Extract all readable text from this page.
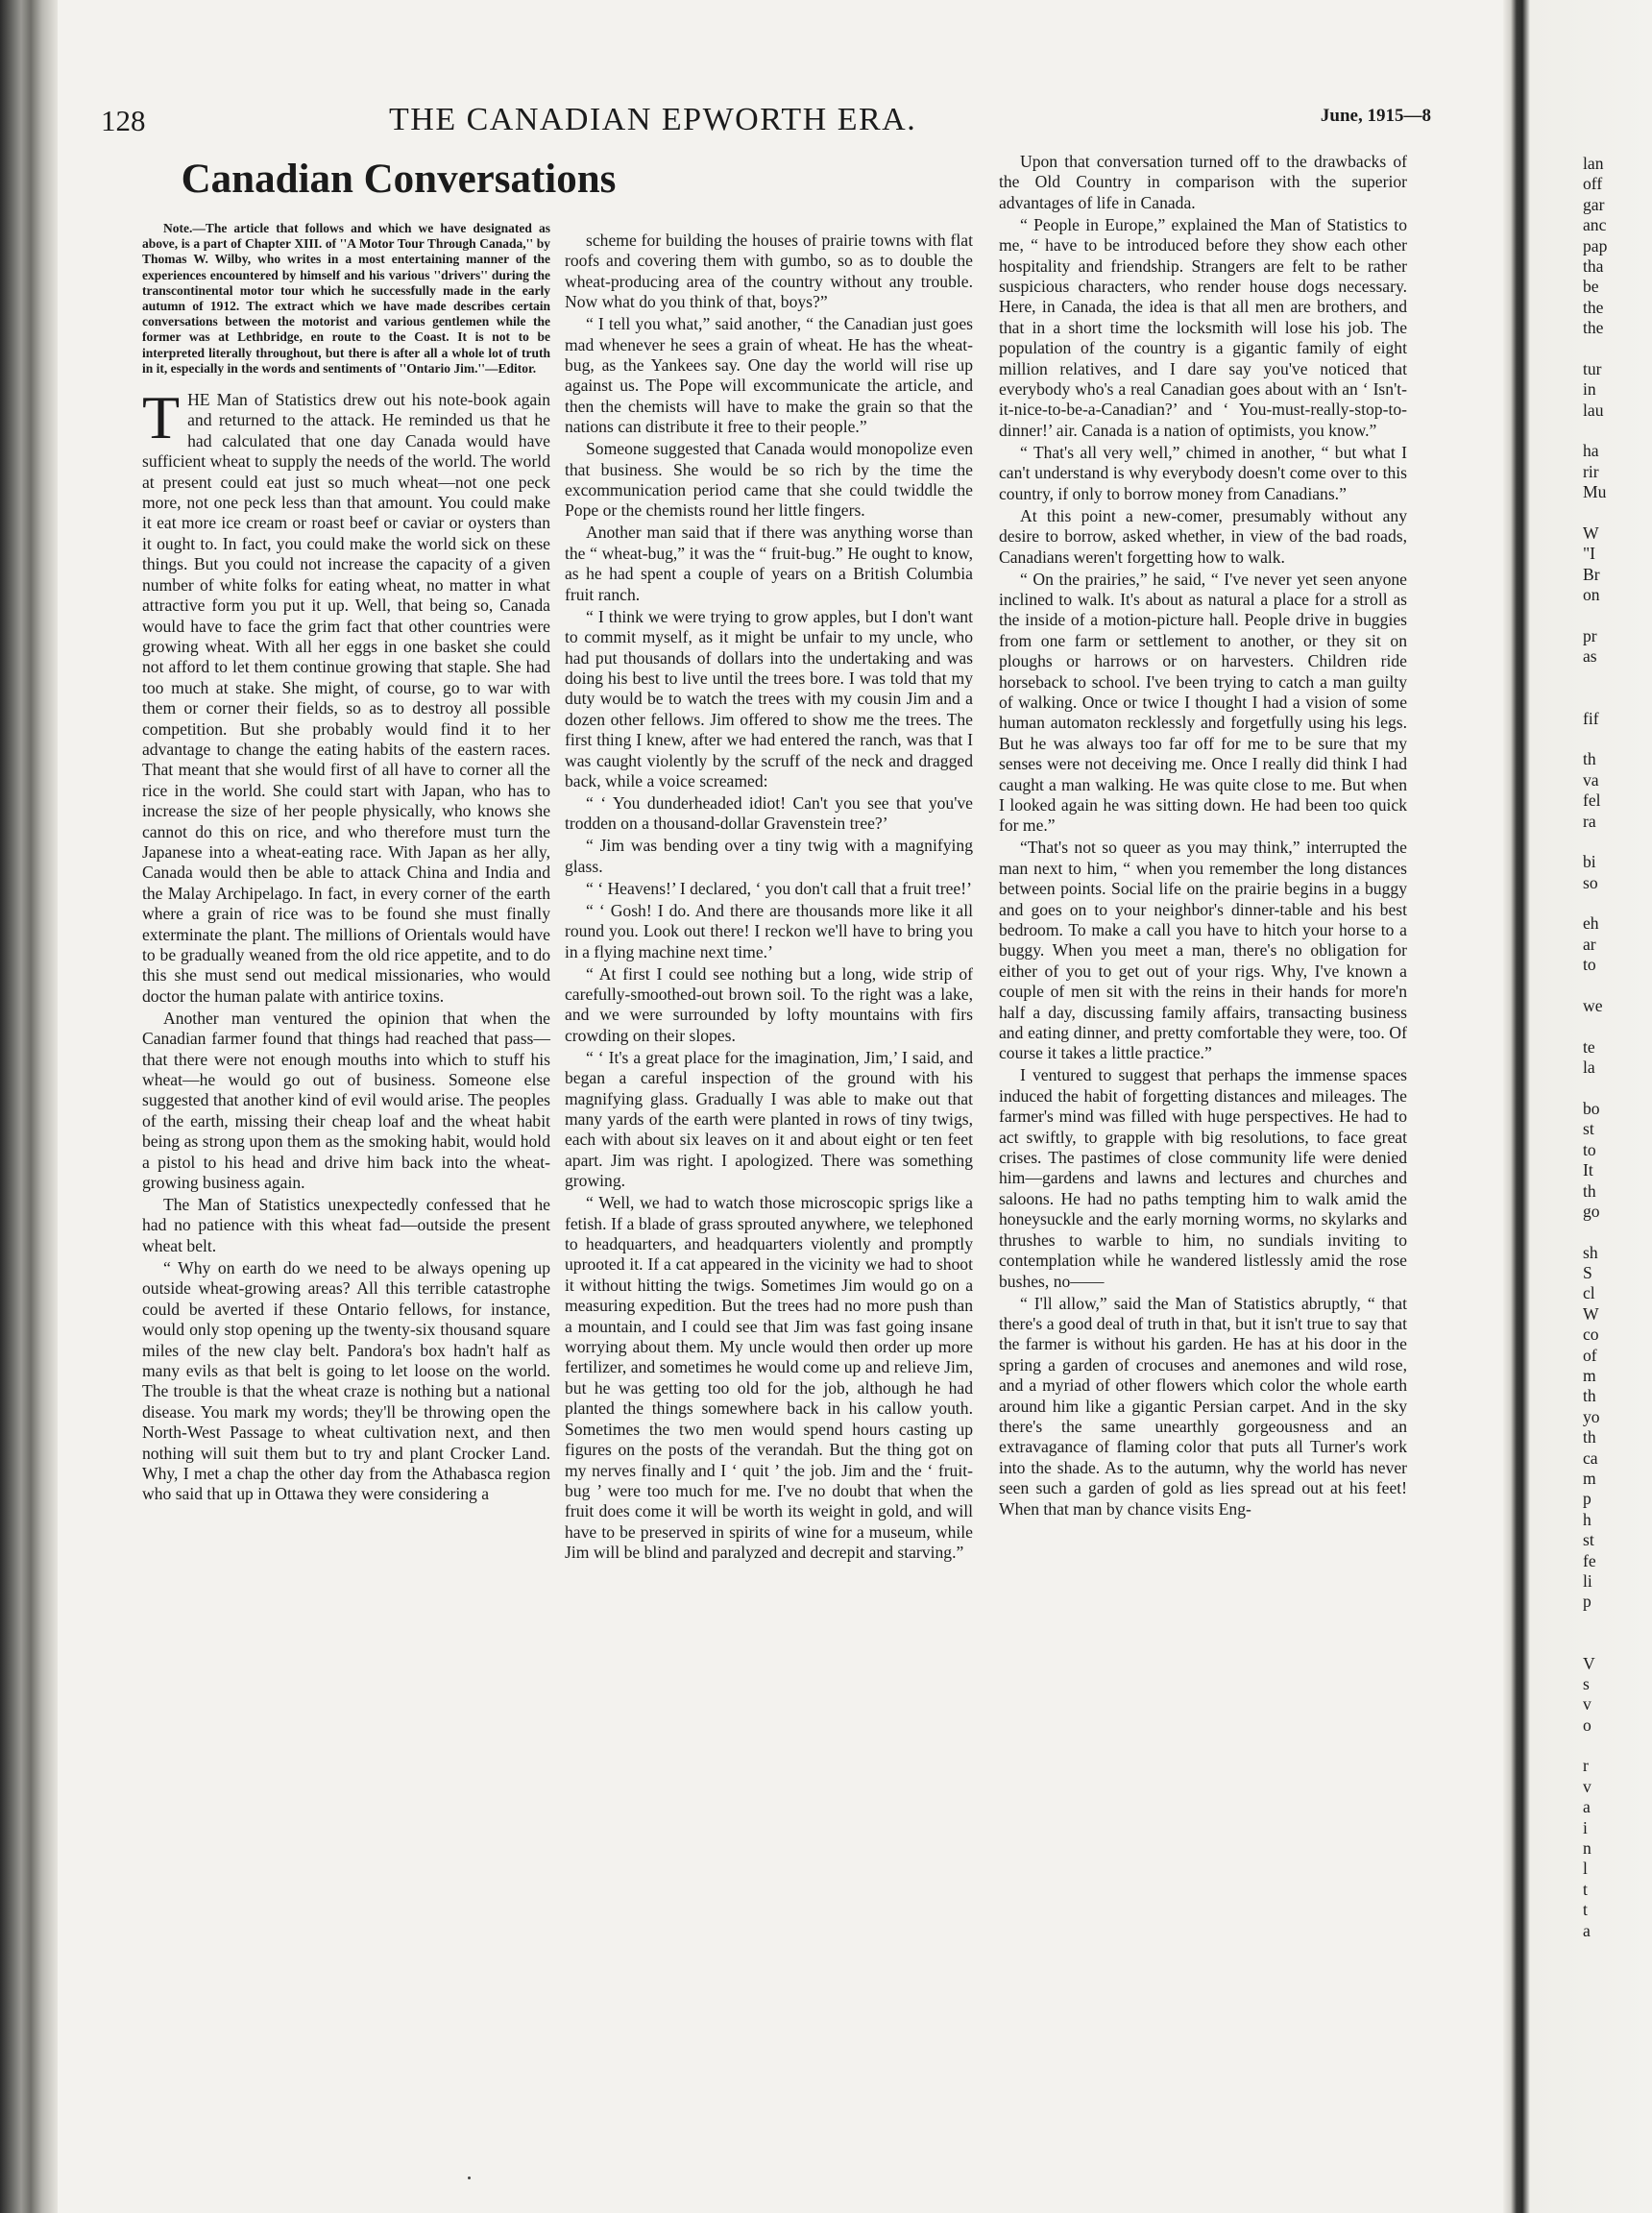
128	THE CANADIAN EPWORTH ERA.	June, 1915—8
Canadian Conversations

Note.—The article that follows and which we have designated as above, is a part of Chapter XIII. of ''A Motor Tour Through Canada,'' by Thomas W. Wilby, who writes in a most entertaining manner of the experiences encountered by himself and his various ''drivers'' during the transcontinental motor tour which he successfully made in the early autumn of 1912. The extract which we have made describes certain conversations between the motorist and various gentlemen while the former was at Lethbridge, en route to the Coast. It is not to be interpreted literally throughout, but there is after all a whole lot of truth in it, especially in the words and sentiments of ''Ontario Jim.''—Editor.

THE Man of Statistics drew out his note-book again and returned to the attack. He reminded us that he had calculated that one day Canada would have sufficient wheat to supply the needs of the world. The world at present could eat just so much wheat—not one peck more, not one peck less than that amount. You could make it eat more ice cream or roast beef or caviar or oysters than it ought to. In fact, you could make the world sick on these things. But you could not increase the capacity of a given number of white folks for eating wheat, no matter in what attractive form you put it up. Well, that being so, Canada would have to face the grim fact that other countries were growing wheat. With all her eggs in one basket she could not afford to let them continue growing that staple. She had too much at stake. She might, of course, go to war with them or corner their fields, so as to destroy all possible competition. But she probably would find it to her advantage to change the eating habits of the eastern races. That meant that she would first of all have to corner all the rice in the world. She could start with Japan, who has to increase the size of her people physically, who knows she cannot do this on rice, and who therefore must turn the Japanese into a wheat-eating race. With Japan as her ally, Canada would then be able to attack China and India and the Malay Archipelago. In fact, in every corner of the earth where a grain of rice was to be found she must finally exterminate the plant. The millions of Orientals would have to be gradually weaned from the old rice appetite, and to do this she must send out medical missionaries, who would doctor the human palate with antirice toxins.

Another man ventured the opinion that when the Canadian farmer found that things had reached that pass—that there were not enough mouths into which to stuff his wheat—he would go out of business. Someone else suggested that another kind of evil would arise. The peoples of the earth, missing their cheap loaf and the wheat habit being as strong upon them as the smoking habit, would hold a pistol to his head and drive him back into the wheat-growing business again.

The Man of Statistics unexpectedly confessed that he had no patience with this wheat fad—outside the present wheat belt.

“ Why on earth do we need to be always opening up outside wheat-growing areas? All this terrible catastrophe could be averted if these Ontario fellows, for instance, would only stop opening up the twenty-six thousand square miles of the new clay belt. Pandora's box hadn't half as many evils as that belt is going to let loose on the world. The trouble is that the wheat craze is nothing but a national disease. You mark my words; they'll be throwing open the North-West Passage to wheat cultivation next, and then nothing will suit them but to try and plant Crocker Land. Why, I met a chap the other day from the Athabasca region who said that up in Ottawa they were considering a

scheme for building the houses of prairie towns with flat roofs and covering them with gumbo, so as to double the wheat-producing area of the country without any trouble. Now what do you think of that, boys?”

“ I tell you what,” said another, “ the Canadian just goes mad whenever he sees a grain of wheat. He has the wheat-bug, as the Yankees say. One day the world will rise up against us. The Pope will excommunicate the article, and then the chemists will have to make the grain so that the nations can distribute it free to their people.”

Someone suggested that Canada would monopolize even that business. She would be so rich by the time the excommunication period came that she could twiddle the Pope or the chemists round her little fingers.

Another man said that if there was anything worse than the “ wheat-bug,” it was the “ fruit-bug.” He ought to know, as he had spent a couple of years on a British Columbia fruit ranch.

“ I think we were trying to grow apples, but I don't want to commit myself, as it might be unfair to my uncle, who had put thousands of dollars into the undertaking and was doing his best to live until the trees bore. I was told that my duty would be to watch the trees with my cousin Jim and a dozen other fellows. Jim offered to show me the trees. The first thing I knew, after we had entered the ranch, was that I was caught violently by the scruff of the neck and dragged back, while a voice screamed:

“ ‘ You dunderheaded idiot! Can't you see that you've trodden on a thousand-dollar Gravenstein tree?’

“ Jim was bending over a tiny twig with a magnifying glass.

“ ‘ Heavens!’ I declared, ‘ you don't call that a fruit tree!’

“ ‘ Gosh! I do. And there are thousands more like it all round you. Look out there! I reckon we'll have to bring you in a flying machine next time.’

“ At first I could see nothing but a long, wide strip of carefully-smoothed-out brown soil. To the right was a lake, and we were surrounded by lofty mountains with firs crowding on their slopes.

“ ‘ It's a great place for the imagination, Jim,’ I said, and began a careful inspection of the ground with his magnifying glass. Gradually I was able to make out that many yards of the earth were planted in rows of tiny twigs, each with about six leaves on it and about eight or ten feet apart. Jim was right. I apologized. There was something growing.

“ Well, we had to watch those microscopic sprigs like a fetish. If a blade of grass sprouted anywhere, we telephoned to headquarters, and headquarters violently and promptly uprooted it. If a cat appeared in the vicinity we had to shoot it without hitting the twigs. Sometimes Jim would go on a measuring expedition. But the trees had no more push than a mountain, and I could see that Jim was fast going insane worrying about them. My uncle would then order up more fertilizer, and sometimes he would come up and relieve Jim, but he was getting too old for the job, although he had planted the things somewhere back in his callow youth. Sometimes the two men would spend hours casting up figures on the posts of the verandah. But the thing got on my nerves finally and I ‘ quit ’ the job. Jim and the ‘ fruit-bug ’ were too much for me. I've no doubt that when the fruit does come it will be worth its weight in gold, and will have to be preserved in spirits of wine for a museum, while Jim will be blind and paralyzed and decrepit and starving.”

Upon that conversation turned off to the drawbacks of the Old Country in comparison with the superior advantages of life in Canada.

“ People in Europe,” explained the Man of Statistics to me, “ have to be introduced before they show each other hospitality and friendship. Strangers are felt to be rather suspicious characters, who render house dogs necessary. Here, in Canada, the idea is that all men are brothers, and that in a short time the locksmith will lose his job. The population of the country is a gigantic family of eight million relatives, and I dare say you've noticed that everybody who's a real Canadian goes about with an ‘ Isn't-it-nice-to-be-a-Canadian?’ and ‘ You-must-really-stop-to-dinner!’ air. Canada is a nation of optimists, you know.”

“ That's all very well,” chimed in another, “ but what I can't understand is why everybody doesn't come over to this country, if only to borrow money from Canadians.”

At this point a new-comer, presumably without any desire to borrow, asked whether, in view of the bad roads, Canadians weren't forgetting how to walk.

“ On the prairies,” he said, “ I've never yet seen anyone inclined to walk. It's about as natural a place for a stroll as the inside of a motion-picture hall. People drive in buggies from one farm or settlement to another, or they sit on ploughs or harrows or on harvesters. Children ride horseback to school. I've been trying to catch a man guilty of walking. Once or twice I thought I had a vision of some human automaton recklessly and forgetfully using his legs. But he was always too far off for me to be sure that my senses were not deceiving me. Once I really did think I had caught a man walking. He was quite close to me. But when I looked again he was sitting down. He had been too quick for me.”

“That's not so queer as you may think,” interrupted the man next to him, “ when you remember the long distances between points. Social life on the prairie begins in a buggy and goes on to your neighbor's dinner-table and his best bedroom. To make a call you have to hitch your horse to a buggy. When you meet a man, there's no obligation for either of you to get out of your rigs. Why, I've known a couple of men sit with the reins in their hands for more'n half a day, discussing family affairs, transacting business and eating dinner, and pretty comfortable they were, too. Of course it takes a little practice.”

I ventured to suggest that perhaps the immense spaces induced the habit of forgetting distances and mileages. The farmer's mind was filled with huge perspectives. He had to act swiftly, to grapple with big resolutions, to face great crises. The pastimes of close community life were denied him—gardens and lawns and lectures and churches and saloons. He had no paths tempting him to walk amid the honeysuckle and the early morning worms, no skylarks and thrushes to warble to him, no sundials inviting to contemplation while he wandered listlessly amid the rose bushes, no——

“ I'll allow,” said the Man of Statistics abruptly, “ that there's a good deal of truth in that, but it isn't true to say that the farmer is without his garden. He has at his door in the spring a garden of crocuses and anemones and wild rose, and a myriad of other flowers which color the whole earth around him like a gigantic Persian carpet. And in the sky there's the same unearthly gorgeousness and an extravagance of flaming color that puts all Turner's work into the shade. As to the autumn, why the world has never seen such a garden of gold as lies spread out at his feet! When that man by chance visits Eng-

lan
off
gar
anc
pap
tha
be
the
the
tur
in
lau
ha
rir
Mu
W
"I
Br
on
pr
as
fif
th
va
fel
ra
bi
so
eh
ar
to
we
te
la
bo
st
to
It
th
go
sh
S
cl
W
co
of
m
th
yo
th
ca
m
p
h
st
fe
li
p
V
s
v
o
r
v
a
i
n
l
t
t
a
